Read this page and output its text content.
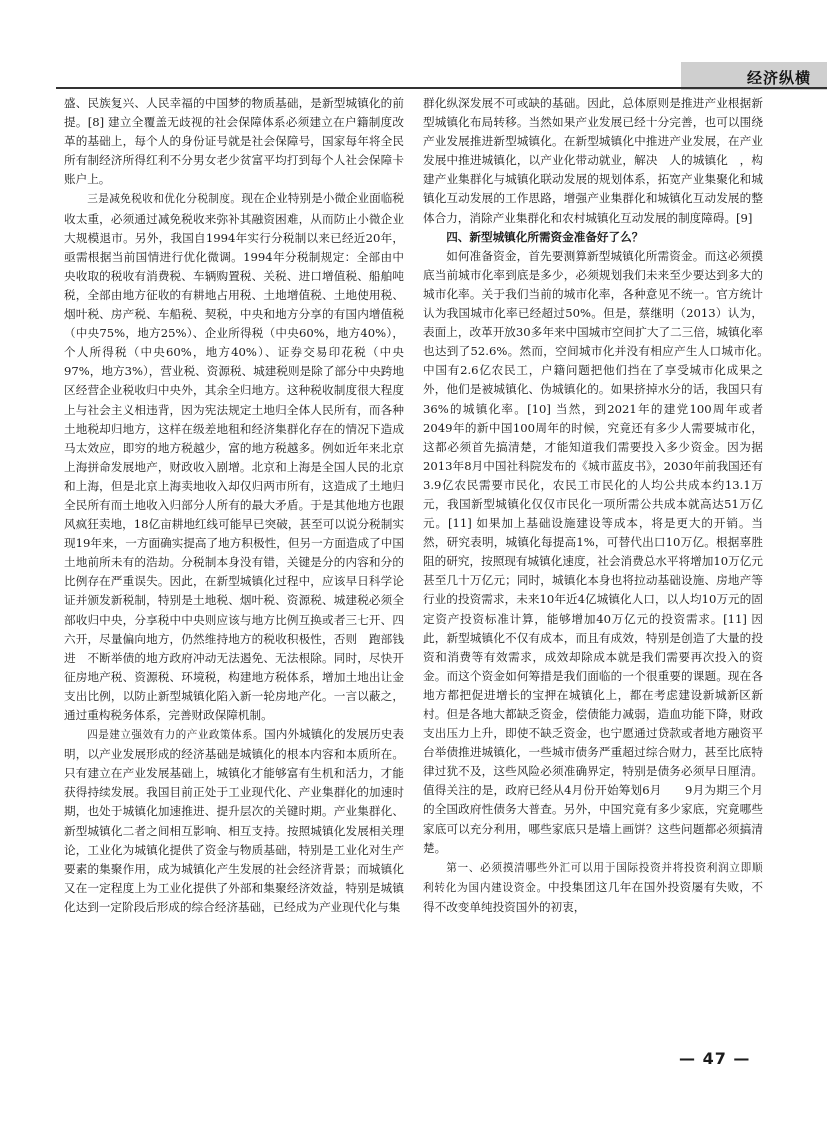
经济纵横

盛、民族复兴、人民幸福的中国梦的物质基础，是新型城镇化的前提。[8] 建立全覆盖无歧视的社会保障体系必须建立在户籍制度改革的基础上，每个人的身份证号就是社会保障号，国家每年将全民所有制经济所得红利不分男女老少贫富平均打到每个人社会保障卡账户上。

三是减免税收和优化分税制度。现在企业特别是小微企业面临税收太重，必须通过减免税收来弥补其融资困难，从而防止小微企业大规模退市。另外，我国自1994年实行分税制以来已经近20年，亟需根据当前国情进行优化微调。1994年分税制规定：全部由中央收取的税收有消费税、车辆购置税、关税、进口增值税、船舶吨税，全部由地方征收的有耕地占用税、土地增值税、土地使用税、烟叶税、房产税、车船税、契税，中央和地方分享的有国内增值税（中央75%，地方25%）、企业所得税（中央60%，地方40%），个人所得税（中央60%，地方40%）、证券交易印花税（中央97%，地方3%），营业税、资源税、城建税则是除了部分中央跨地区经营企业税收归中央外，其余全归地方。这种税收制度很大程度上与社会主义相违背，因为宪法规定土地归全体人民所有，而各种土地税却归地方，这样在级差地租和经济集群化存在的情况下造成马太效应，即穷的地方税越少，富的地方税越多。例如近年来北京上海拼命发展地产，财政收入剧增。北京和上海是全国人民的北京和上海，但是北京上海卖地收入却仅归两市所有，这造成了土地归全民所有而土地收入归部分人所有的最大矛盾。于是其他地方也跟风疯狂卖地，18亿亩耕地红线可能早已突破，甚至可以说分税制实现19年来，一方面确实提高了地方积极性，但另一方面造成了中国土地前所未有的浩劫。分税制本身没有错，关键是分的内容和分的比例存在严重误失。因此，在新型城镇化过程中，应该早日科学论证并颁发新税制，特别是土地税、烟叶税、资源税、城建税必须全部收归中央，分享税中中央则应该与地方比例互换或者三七开、四六开，尽量偏向地方，仍然维持地方的税收积极性，否则　跑部钱进　不断举债的地方政府冲动无法遏免、无法根除。同时，尽快开征房地产税、资源税、环境税，构建地方税体系，增加土地出让金支出比例，以防止新型城镇化陷入新一轮房地产化。一言以蔽之，通过重构税务体系，完善财政保障机制。

四是建立强效有力的产业政策体系。国内外城镇化的发展历史表明，以产业发展形成的经济基础是城镇化的根本内容和本质所在。只有建立在产业发展基础上，城镇化才能够富有生机和活力，才能获得持续发展。我国目前正处于工业现代化、产业集群化的加速时期，也处于城镇化加速推进、提升层次的关键时期。产业集群化、新型城镇化二者之间相互影响、相互支持。按照城镇化发展相关理论，工业化为城镇化提供了资金与物质基础，特别是工业化对生产要素的集聚作用，成为城镇化产生发展的社会经济背景；而城镇化又在一定程度上为工业化提供了外部和集聚经济效益，特别是城镇化达到一定阶段后形成的综合经济基础，已经成为产业现代化与集

群化纵深发展不可或缺的基础。因此，总体原则是推进产业根据新型城镇化布局转移。当然如果产业发展已经十分完善，也可以围绕产业发展推进新型城镇化。在新型城镇化中推进产业发展，在产业发展中推进城镇化，以产业化带动就业，解决　人的城镇化　，构建产业集群化与城镇化联动发展的规划体系，拓宽产业集聚化和城镇化互动发展的工作思路，增强产业集群化和城镇化互动发展的整体合力，消除产业集群化和农村城镇化互动发展的制度障碍。[9]

四、新型城镇化所需资金准备好了么？

如何准备资金，首先要测算新型城镇化所需资金。而这必须摸底当前城市化率到底是多少，必须规划我们未来至少要达到多大的城市化率。关于我们当前的城市化率，各种意见不统一。官方统计认为我国城市化率已经超过50%。但是，蔡继明（2013）认为，表面上，改革开放30多年来中国城市空间扩大了二三倍，城镇化率也达到了52.6%。然而，空间城市化并没有相应产生人口城市化。　中国有2.6亿农民工，户籍问题把他们挡在了享受城市化成果之外，他们是被城镇化、伪城镇化的。如果挤掉水分的话，我国只有36%的城镇化率。[10] 当然，到2021年的建党100周年或者2049年的新中国100周年的时候，究竟还有多少人需要城市化，这都必须首先搞清楚，才能知道我们需要投入多少资金。因为据2013年8月中国社科院发布的《城市蓝皮书》，2030年前我国还有3.9亿农民需要市民化，农民工市民化的人均公共成本约13.1万元，我国新型城镇化仅仅市民化一项所需公共成本就高达51万亿元。[11] 如果加上基础设施建设等成本，将是更大的开销。当然，研究表明，城镇化每提高1%，可替代出口10万亿。根据辜胜阻的研究，按照现有城镇化速度，社会消费总水平将增加10万亿元甚至几十万亿元；同时，城镇化本身也将拉动基础设施、房地产等行业的投资需求，未来10年近4亿城镇化人口，以人均10万元的固定资产投资标准计算，能够增加40万亿元的投资需求。[11] 因此，新型城镇化不仅有成本，而且有成效，特别是创造了大量的投资和消费等有效需求，成效却除成本就是我们需要再次投入的资金。而这个资金如何筹措是我们面临的一个很重要的课题。现在各地方都把促进增长的宝押在城镇化上，都在考虑建设新城新区新村。但是各地大都缺乏资金，偿债能力减弱，造血功能下降，财政支出压力上升，即使不缺乏资金，也宁愿通过贷款或者地方融资平台举债推进城镇化，一些城市债务严重超过综合财力，甚至比底特律过犹不及，这些风险必须准确界定，特别是债务必须早日厘清。值得关注的是，政府已经从4月份开始筹划6月　　9月为期三个月的全国政府性债务大普查。另外，中国究竟有多少家底，究竟哪些家底可以充分利用，哪些家底只是墙上画饼？这些问题都必须搞清楚。

第一、必须摸清哪些外汇可以用于国际投资并将投资利润立即顺利转化为国内建设资金。中投集团这几年在国外投资屡有失败，不得不改变单纯投资国外的初衷，

— 47 —
